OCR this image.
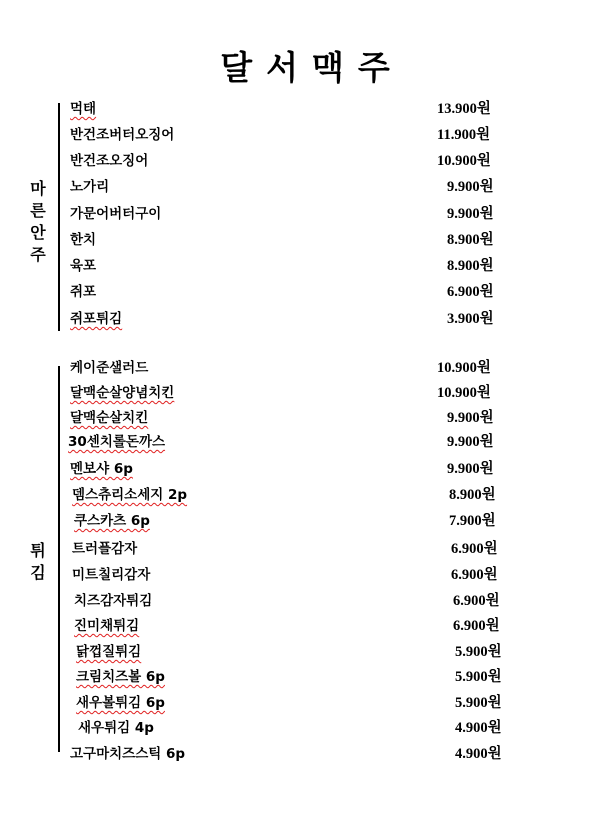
달서맥주
마
른
안
주
먹태	13.900원
반건조버터오징어	11.900원
반건조오징어	10.900원
노가리	9.900원
가문어버터구이	9.900원
한치	8.900원
육포	8.900원
쥐포	6.900원
쥐포튀김	3.900원
튀
김
케이준샐러드	10.900원
달맥순살양념치킨	10.900원
달맥순살치킨	9.900원
30센치롤돈까스	9.900원
멘보샤 6p	9.900원
뎀스츄리소세지 2p	8.900원
쿠스카츠 6p	7.900원
트러플감자	6.900원
미트칠리감자	6.900원
치즈감자튀김	6.900원
진미채튀김	6.900원
닭껍질튀김	5.900원
크림치즈볼 6p	5.900원
새우볼튀김 6p	5.900원
새우튀김 4p	4.900원
고구마치즈스틱 6p	4.900원
